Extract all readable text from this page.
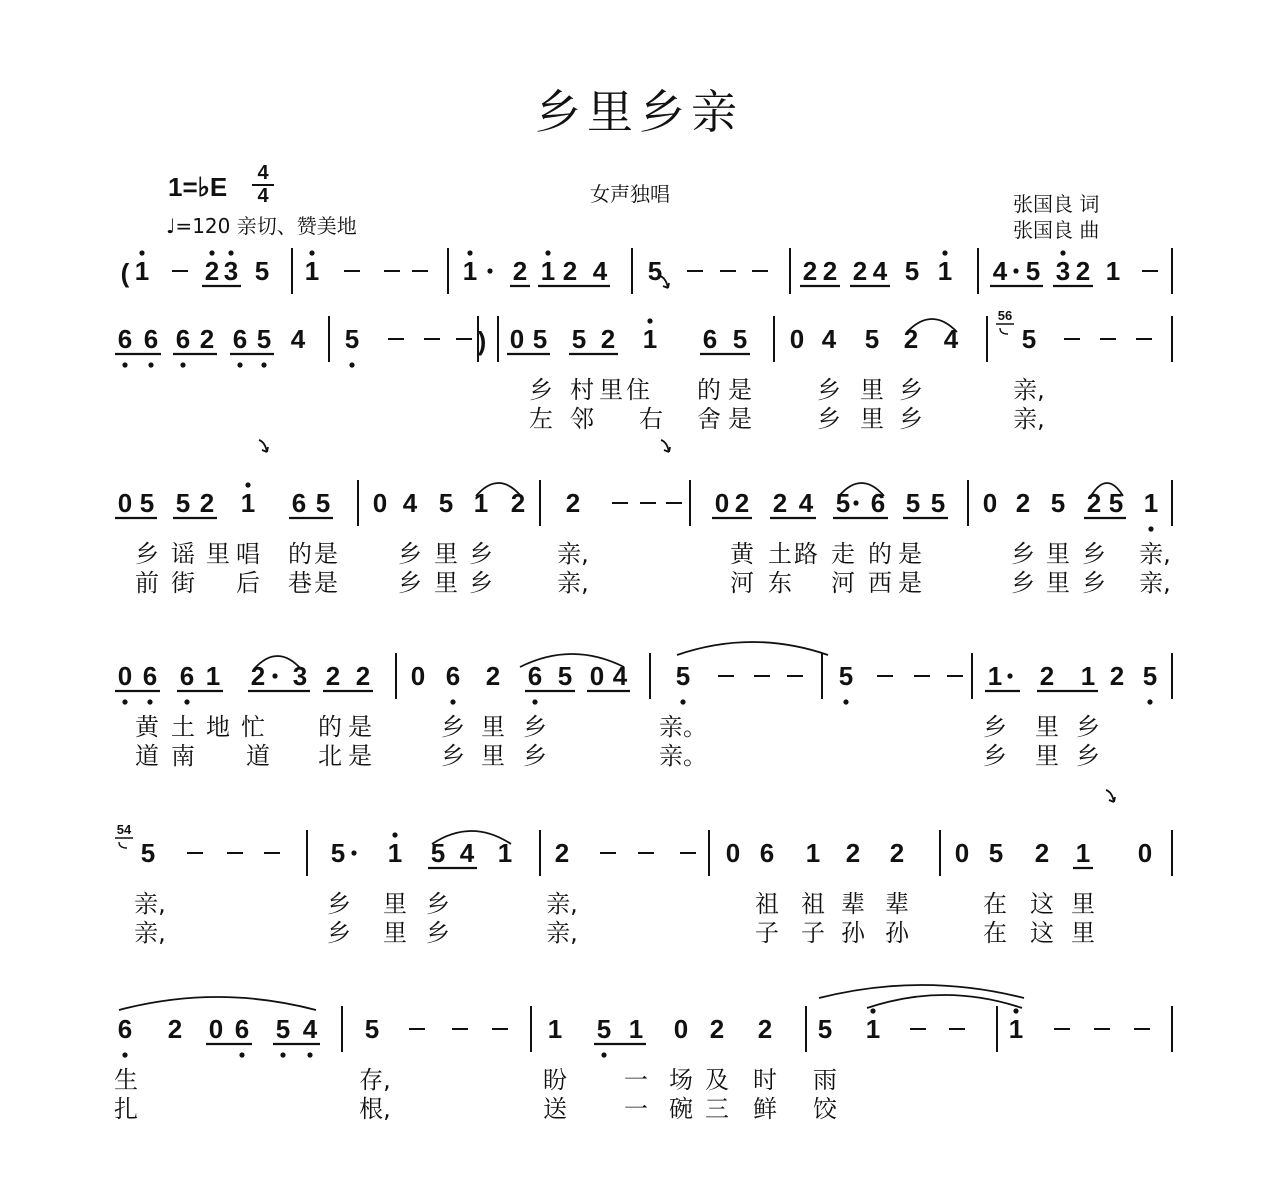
乡里乡亲
1=♭E 4
4
♩=120 亲切、赞美地
女声独唱	张国良 词
张国良 曲
( 1 2 3 5 1	1 2 1 2 4 5	2 2 2 4 5 1 4 5 3 2 1
6 6 6 2 6 5 4 5	) 0 5 5 2 1 6 5 0 4 5 2 4 5
乡 村 里 住 的 是	乡 里 乡	亲,
左 邻 右 舍 是	乡 里 乡	亲,
56
0 5 5 2 1 6 5 0 4 5 1 2 2	0 2 2 4 5 6 5 5 0 2 5 2 5 1
乡 谣 里 唱 的 是	乡 里 乡	亲,	黄 土 路 走 的 是	乡 里 乡 亲,
前 街 后 巷 是	乡 里 乡	亲,	河 东 河 西 是	乡 里 乡 亲,
0 6 6 1 2 3 2 2 0 6 2 6 5 0 4 5	5	1 2 1 2 5
黄 土 地 忙 的 是	乡 里 乡	亲。	乡 里 乡
道 南 道 北 是	乡 里 乡	亲。	乡 里 乡
5	5 1 5 4 1 2	0 6 1 2 2 0 5 2 1 0
亲,	乡 里 乡	亲,	祖 祖 辈 辈	在 这 里
亲,	乡 里 乡	亲,	子 子 孙 孙	在 这 里
54
6 2 0 6 5 4 5	1 5 1 0 2 2 5 1	1
生	存,	盼 一 场 及 时 雨
扎	根,	送 一 碗 三 鲜 饺
